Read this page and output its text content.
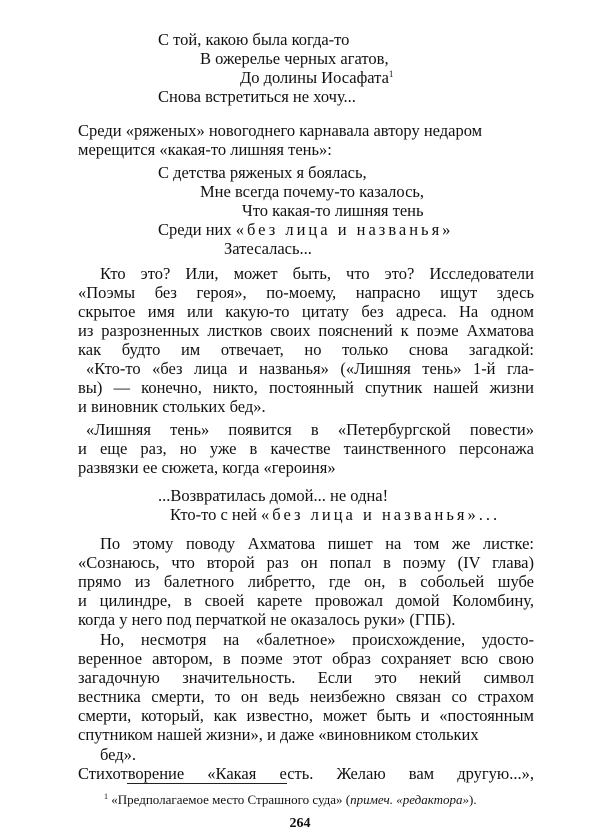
С той, какою была когда-то
В ожерелье черных агатов,
До долины Иосафата$^1$
Снова встретиться не хочу...
Среди «ряженых» новогоднего карнавала автору недаром
мерещится «какая-то лишняя тень»:
С детства ряженых я боялась,
Мне всегда почему-то казалось,
Что какая-то лишняя тень
Среди них «без лица и названья»
Затесалась...
Кто это? Или, может быть, что это? Исследователи
«Поэмы без героя», по-моему, напрасно ищут здесь
скрытое имя или какую-то цитату без адреса. На одном
из разрозненных листков своих пояснений к поэме Ахматова
как будто им отвечает, но только снова загадкой:
«Кто-то «без лица и названья» («Лишняя тень» 1-й гла-
вы) — конечно, никто, постоянный спутник нашей жизни
и виновник стольких бед».
«Лишняя тень» появится в «Петербургской повести»
и еще раз, но уже в качестве таинственного персонажа
развязки ее сюжета, когда «героиня»
...Возвратилась домой... не одна!
Кто-то с ней «без лица и названья»...
По этому поводу Ахматова пишет на том же листке:
«Сознаюсь, что второй раз он попал в поэму (IV глава)
прямо из балетного либретто, где он, в собольей шубе
и цилиндре, в своей карете провожал домой Коломбину,
когда у него под перчаткой не оказалось руки» (ГПБ).
Но, несмотря на «балетное» происхождение, удосто-
веренное автором, в поэме этот образ сохраняет всю свою
загадочную значительность. Если это некий символ
вестника смерти, то он ведь неизбежно связан со страхом
смерти, который, как известно, может быть и «постоянным
спутником нашей жизни», и даже «виновником стольких
бед».
Стихотворение «Какая есть. Желаю вам другую...»,
$^1$ «Предполагаемое место Страшного суда» (примеч. «редактора»).
264
